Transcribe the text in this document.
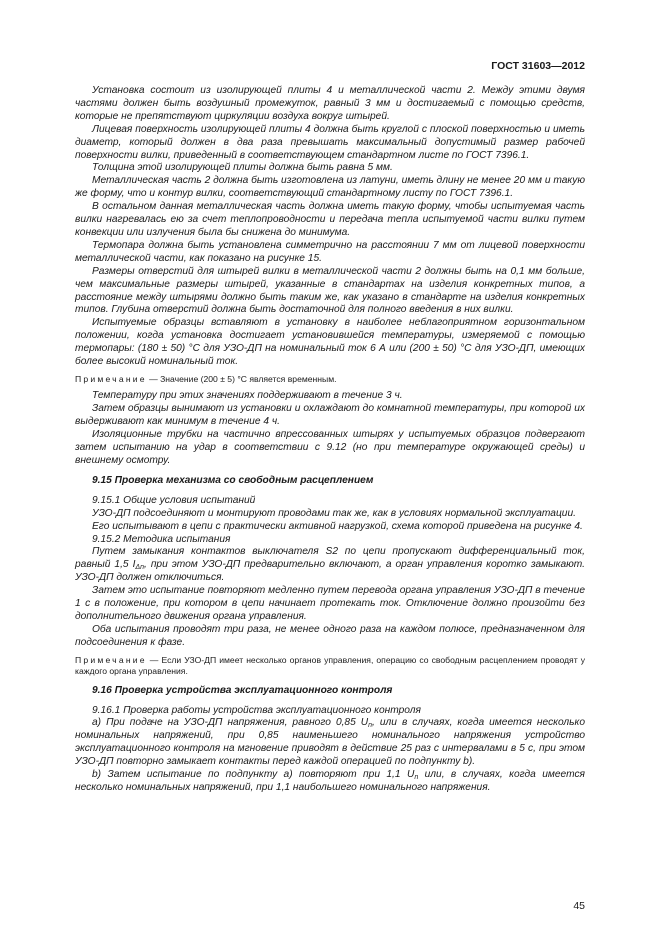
ГОСТ 31603—2012

Установка состоит из изолирующей плиты 4 и металлической части 2. Между этими двумя частями должен быть воздушный промежуток, равный 3 мм и достигаемый с помощью средств, которые не препятствуют циркуляции воздуха вокруг штырей.

Лицевая поверхность изолирующей плиты 4 должна быть круглой с плоской поверхностью и иметь диаметр, который должен в два раза превышать максимальный допустимый размер рабочей поверхности вилки, приведенный в соответствующем стандартном листе по ГОСТ 7396.1.

Толщина этой изолирующей плиты должна быть равна 5 мм.

Металлическая часть 2 должна быть изготовлена из латуни, иметь длину не менее 20 мм и такую же форму, что и контур вилки, соответствующий стандартному листу по ГОСТ 7396.1.

В остальном данная металлическая часть должна иметь такую форму, чтобы испытуемая часть вилки нагревалась ею за счет теплопроводности и передача тепла испытуемой части вилки путем конвекции или излучения была бы снижена до минимума.

Термопара должна быть установлена симметрично на расстоянии 7 мм от лицевой поверхности металлической части, как показано на рисунке 15.

Размеры отверстий для штырей вилки в металлической части 2 должны быть на 0,1 мм больше, чем максимальные размеры штырей, указанные в стандартах на изделия конкретных типов, а расстояние между штырями должно быть таким же, как указано в стандарте на изделия конкретных типов. Глубина отверстий должна быть достаточной для полного введения в них вилки.

Испытуемые образцы вставляют в установку в наиболее неблагоприятном горизонтальном положении, когда установка достигает установившейся температуры, измеряемой с помощью термопары: (180 ± 50) °С для УЗО-ДП на номинальный ток 6 А или (200 ± 50) °С для УЗО-ДП, имеющих более высокий номинальный ток.

Примечание — Значение (200 ± 5) °С является временным.

Температуру при этих значениях поддерживают в течение 3 ч.

Затем образцы вынимают из установки и охлаждают до комнатной температуры, при которой их выдерживают как минимум в течение 4 ч.

Изоляционные трубки на частично впрессованных штырях у испытуемых образцов подвергают затем испытанию на удар в соответствии с 9.12 (но при температуре окружающей среды) и внешнему осмотру.

9.15 Проверка механизма со свободным расцеплением

9.15.1 Общие условия испытаний

УЗО-ДП подсоединяют и монтируют проводами так же, как в условиях нормальной эксплуатации.

Его испытывают в цепи с практически активной нагрузкой, схема которой приведена на рисунке 4.

9.15.2 Методика испытания

Путем замыкания контактов выключателя S2 по цепи пропускают дифференциальный ток, равный 1,5 $I_{\Delta n}$, при этом УЗО-ДП предварительно включают, а орган управления коротко замыкают. УЗО-ДП должен отключиться.

Затем это испытание повторяют медленно путем перевода органа управления УЗО-ДП в течение 1 с в положение, при котором в цепи начинает протекать ток. Отключение должно произойти без дополнительного движения органа управления.

Оба испытания проводят три раза, не менее одного раза на каждом полюсе, предназначенном для подсоединения к фазе.

Примечание — Если УЗО-ДП имеет несколько органов управления, операцию со свободным расцеплением проводят у каждого органа управления.

9.16 Проверка устройства эксплуатационного контроля

9.16.1 Проверка работы устройства эксплуатационного контроля

а) При подаче на УЗО-ДП напряжения, равного 0,85 $U_n$, или в случаях, когда имеется несколько номинальных напряжений, при 0,85 наименьшего номинального напряжения устройство эксплуатационного контроля на мгновение приводят в действие 25 раз с интервалами в 5 с, при этом УЗО-ДП повторно замыкает контакты перед каждой операцией по подпункту b).

b) Затем испытание по подпункту а) повторяют при 1,1 $U_n$ или, в случаях, когда имеется несколько номинальных напряжений, при 1,1 наибольшего номинального напряжения.

45
